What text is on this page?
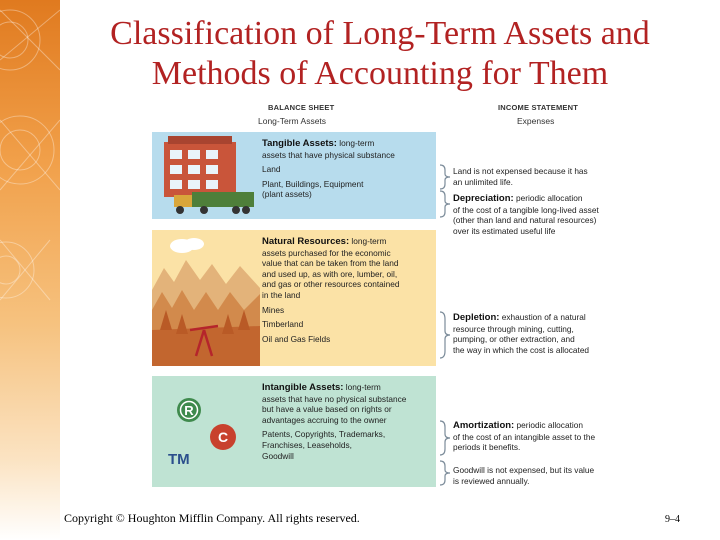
Classification of Long-Term Assets and
Methods of Accounting for Them
BALANCE SHEET
Long-Term Assets
INCOME STATEMENT
Expenses
Tangible Assets: long-term
assets that have physical substance
Land
Plant, Buildings, Equipment
(plant assets)
Natural Resources: long-term
assets purchased for the economic
value that can be taken from the land
and used up, as with ore, lumber, oil,
and gas or other resources contained
in the land
Mines
Timberland
Oil and Gas Fields
R
C
TM
Intangible Assets: long-term
assets that have no physical substance
but have a value based on rights or
advantages accruing to the owner
Patents, Copyrights, Trademarks,
Franchises, Leaseholds,
Goodwill
Land is not expensed because it has
an unlimited life.
Depreciation: periodic allocation
of the cost of a tangible long-lived asset
(other than land and natural resources)
over its estimated useful life
Depletion: exhaustion of a natural
resource through mining, cutting,
pumping, or other extraction, and
the way in which the cost is allocated
Amortization: periodic allocation
of the cost of an intangible asset to the
periods it benefits.
Goodwill is not expensed, but its value
is reviewed annually.
Copyright © Houghton Mifflin Company. All rights reserved.	9–4
